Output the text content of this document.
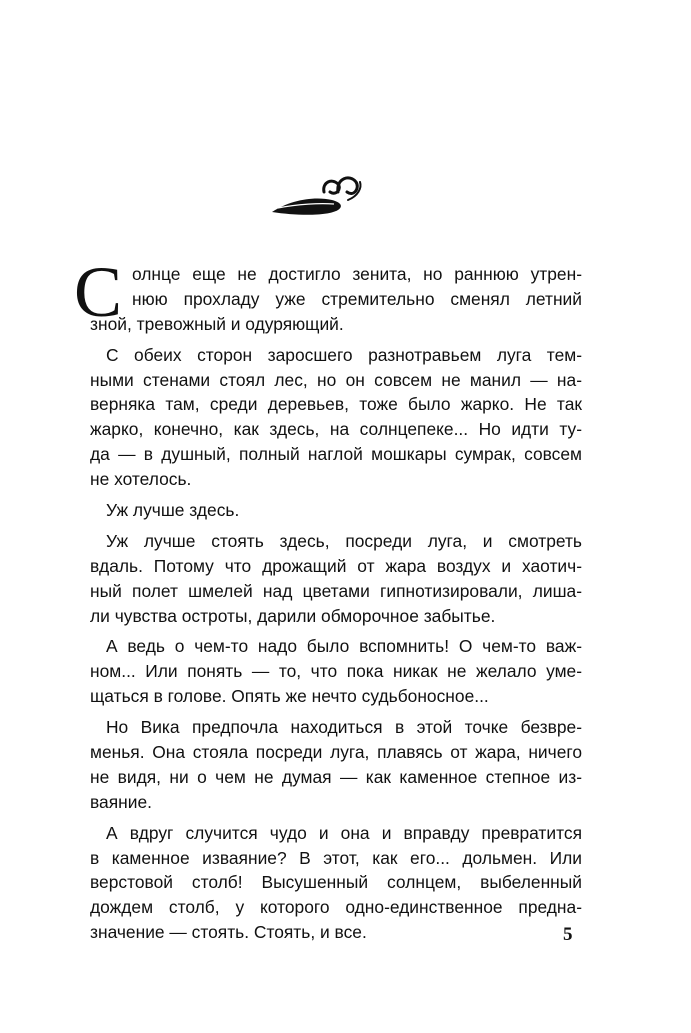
С олнце еще не достигло зенита, но раннюю утрен-
нюю прохладу уже стремительно сменял летний
зной, тревожный и одуряющий.
С обеих сторон заросшего разнотравьем луга тем-
ными стенами стоял лес, но он совсем не манил — на-
верняка там, среди деревьев, тоже было жарко. Не так
жарко, конечно, как здесь, на солнцепеке... Но идти ту-
да — в душный, полный наглой мошкары сумрак, совсем
не хотелось.
Уж лучше здесь.
Уж лучше стоять здесь, посреди луга, и смотреть
вдаль. Потому что дрожащий от жара воздух и хаотич-
ный полет шмелей над цветами гипнотизировали, лиша-
ли чувства остроты, дарили обморочное забытье.
А ведь о чем-то надо было вспомнить! О чем-то важ-
ном... Или понять — то, что пока никак не желало уме-
щаться в голове. Опять же нечто судьбоносное...
Но Вика предпочла находиться в этой точке безвре-
менья. Она стояла посреди луга, плавясь от жара, ничего
не видя, ни о чем не думая — как каменное степное из-
ваяние.
А вдруг случится чудо и она и вправду превратится
в каменное изваяние? В этот, как его... дольмен. Или
верстовой столб! Высушенный солнцем, выбеленный
дождем столб, у которого одно-единственное предна-
значение — стоять. Стоять, и все.	5
